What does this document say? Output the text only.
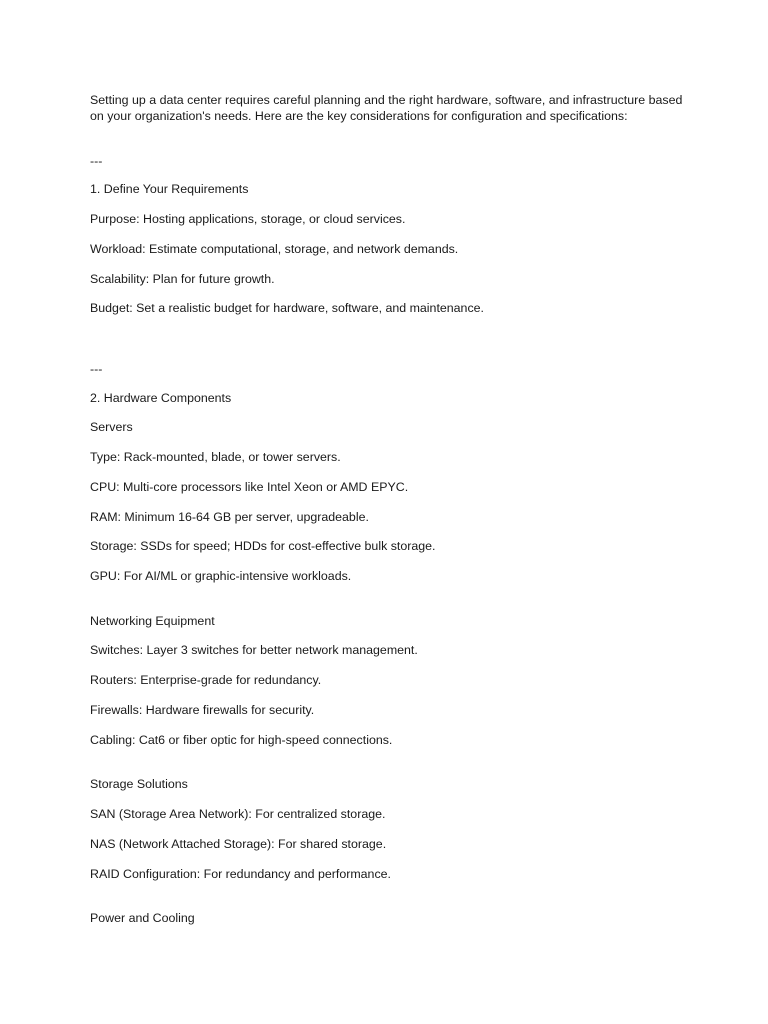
Setting up a data center requires careful planning and the right hardware, software, and infrastructure based on your organization's needs. Here are the key considerations for configuration and specifications:

---

1. Define Your Requirements

Purpose: Hosting applications, storage, or cloud services.

Workload: Estimate computational, storage, and network demands.

Scalability: Plan for future growth.

Budget: Set a realistic budget for hardware, software, and maintenance.

---

2. Hardware Components

Servers

Type: Rack-mounted, blade, or tower servers.

CPU: Multi-core processors like Intel Xeon or AMD EPYC.

RAM: Minimum 16-64 GB per server, upgradeable.

Storage: SSDs for speed; HDDs for cost-effective bulk storage.

GPU: For AI/ML or graphic-intensive workloads.

Networking Equipment

Switches: Layer 3 switches for better network management.

Routers: Enterprise-grade for redundancy.

Firewalls: Hardware firewalls for security.

Cabling: Cat6 or fiber optic for high-speed connections.

Storage Solutions

SAN (Storage Area Network): For centralized storage.

NAS (Network Attached Storage): For shared storage.

RAID Configuration: For redundancy and performance.

Power and Cooling
